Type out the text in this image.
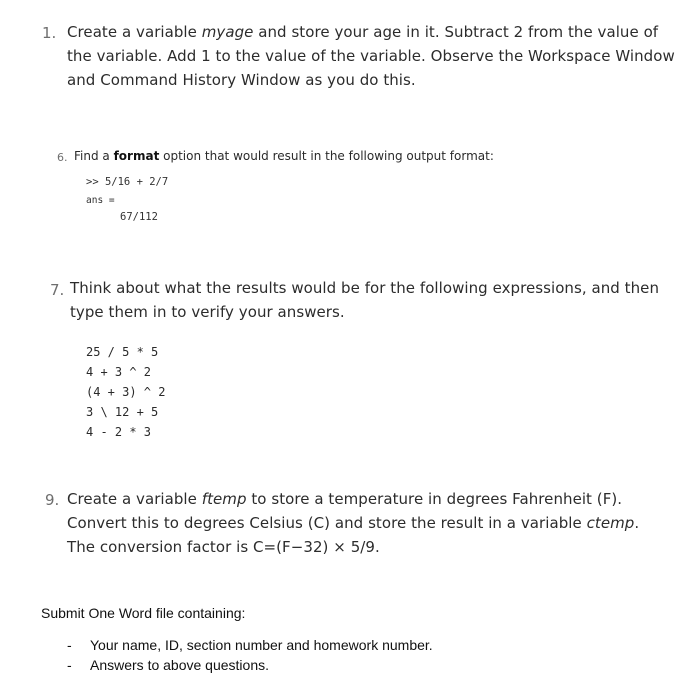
1. Create a variable myage and store your age in it. Subtract 2 from the value of
the variable. Add 1 to the value of the variable. Observe the Workspace Window
and Command History Window as you do this.
6. Find a format option that would result in the following output format:
>> 5/16 + 2/7
ans =
67/112
7. Think about what the results would be for the following expressions, and then
type them in to verify your answers.
25 / 5 * 5
4 + 3 ^ 2
(4 + 3) ^ 2
3 \ 12 + 5
4 - 2 * 3
9. Create a variable ftemp to store a temperature in degrees Fahrenheit (F).
Convert this to degrees Celsius (C) and store the result in a variable ctemp.
The conversion factor is C=(F−32) × 5/9.
Submit One Word file containing:
- Your name, ID, section number and homework number.
- Answers to above questions.
